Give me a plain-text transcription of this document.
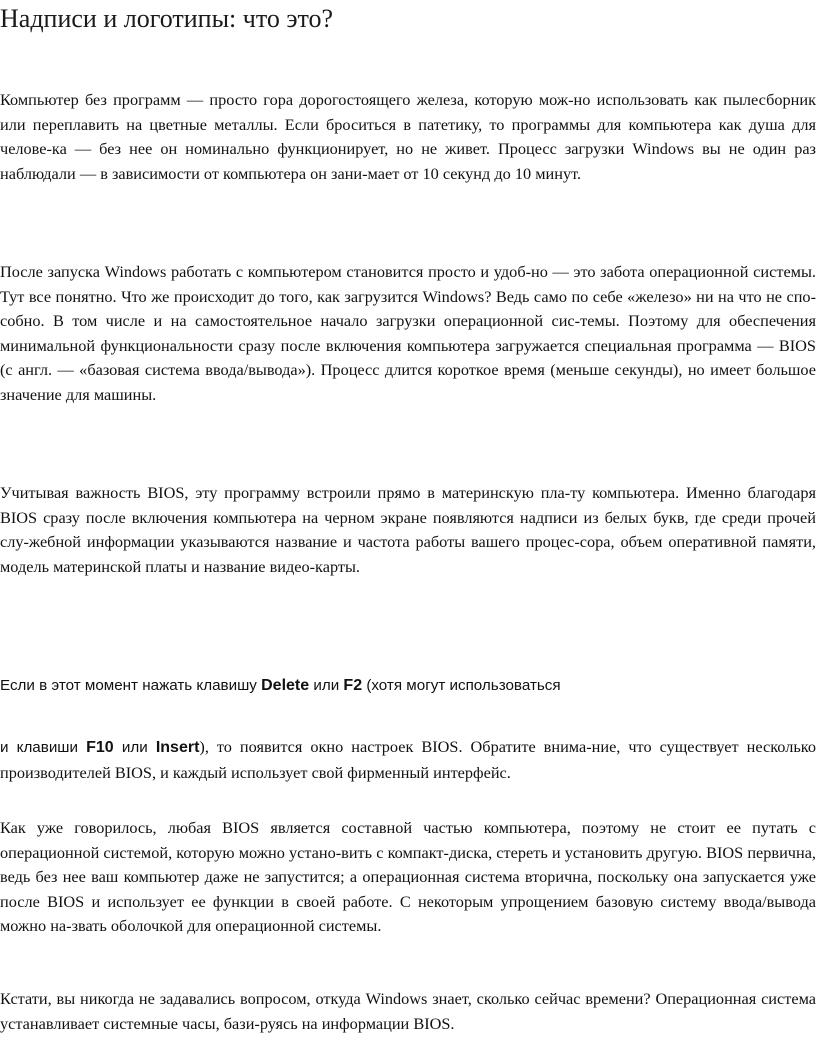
Надписи и логотипы: что это?

Компьютер без программ — просто гора дорогостоящего железа, которую мож-но использовать как пылесборник или переплавить на цветные металлы. Если броситься в патетику, то программы для компьютера как душа для челове-ка — без нее он номинально функционирует, но не живет. Процесс загрузки Windows вы не один раз наблюдали — в зависимости от компьютера он зани-мает от 10 секунд до 10 минут.

После запуска Windows работать с компьютером становится просто и удоб-но — это забота операционной системы. Тут все понятно. Что же происходит до того, как загрузится Windows? Ведь само по себе «железо» ни на что не спо-собно. В том числе и на самостоятельное начало загрузки операционной сис-темы. Поэтому для обеспечения минимальной функциональности сразу после включения компьютера загружается специальная программа — BIOS (с англ. — «базовая система ввода/вывода»). Процесс длится короткое время (меньше секунды), но имеет большое значение для машины.

Учитывая важность BIOS, эту программу встроили прямо в материнскую пла-ту компьютера. Именно благодаря BIOS сразу после включения компьютера на черном экране появляются надписи из белых букв, где среди прочей слу-жебной информации указываются название и частота работы вашего процес-сора, объем оперативной памяти, модель материнской платы и название видео-карты.

Если в этот момент нажать клавишу Delete или F2 (хотя могут использоваться

и клавиши F10 или Insert), то появится окно настроек BIOS. Обратите внима-ние, что существует несколько производителей BIOS, и каждый использует свой фирменный интерфейс.

Как уже говорилось, любая BIOS является составной частью компьютера, поэтому не стоит ее путать с операционной системой, которую можно устано-вить с компакт-диска, стереть и установить другую. BIOS первична, ведь без нее ваш компьютер даже не запустится; а операционная система вторична, поскольку она запускается уже после BIOS и использует ее функции в своей работе. С некоторым упрощением базовую систему ввода/вывода можно на-звать оболочкой для операционной системы.

Кстати, вы никогда не задавались вопросом, откуда Windows знает, сколько сейчас времени? Операционная система устанавливает системные часы, бази-руясь на информации BIOS.
